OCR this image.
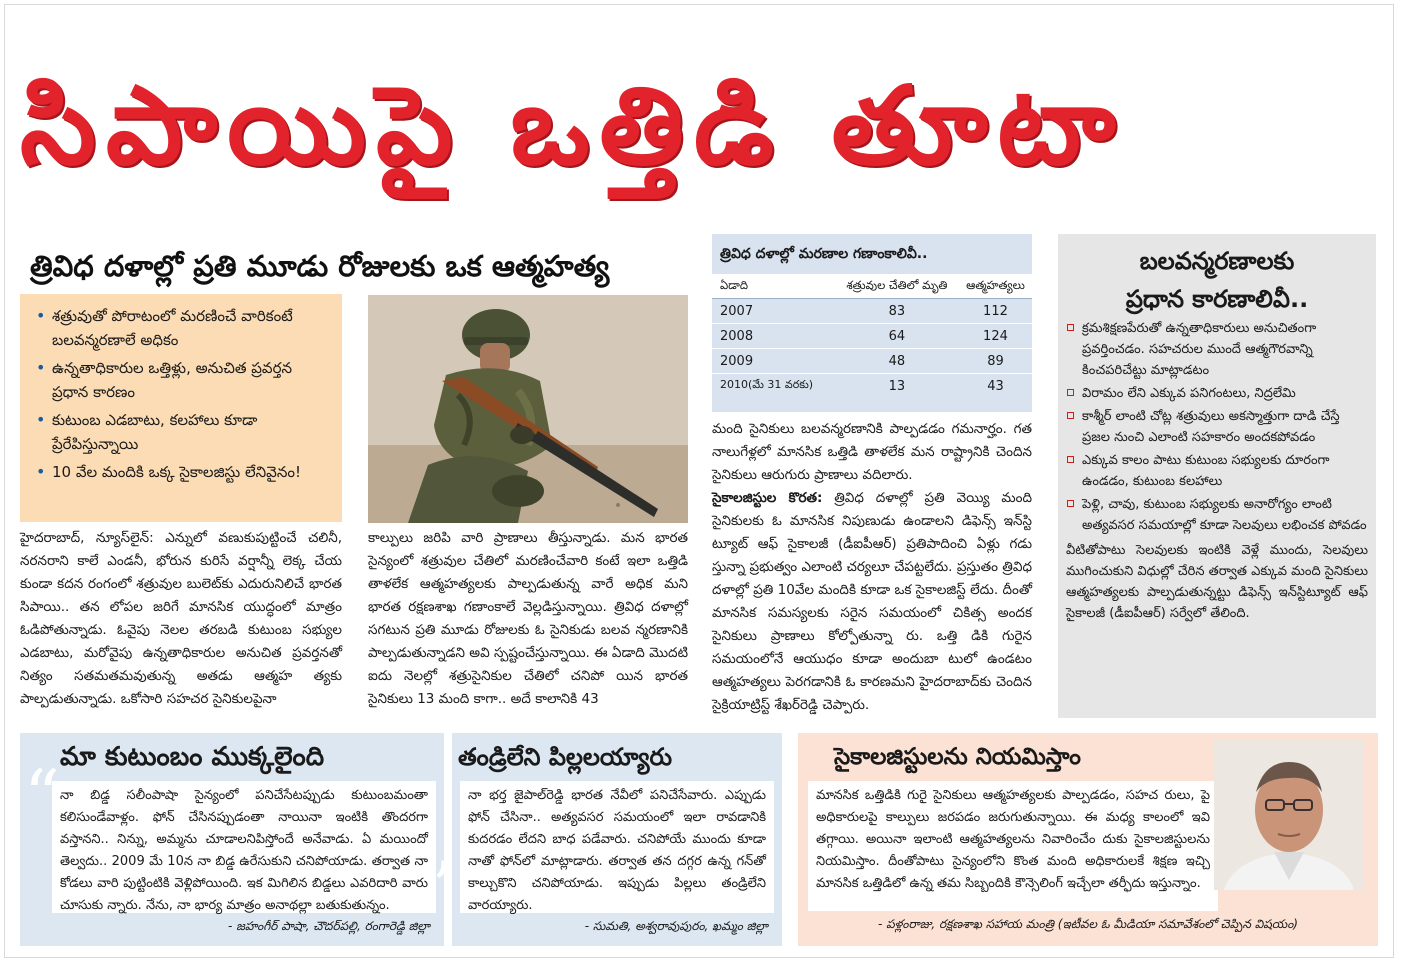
సిపాయిపై ఒత్తిడి తూటా
త్రివిధ దళాల్లో ప్రతి మూడు రోజులకు ఒక ఆత్మహత్య
• శత్రువుతో పోరాటంలో మరణించే వారికంటే బలవన్మరణాలే అధికం
• ఉన్నతాధికారుల ఒత్తిళ్లు, అనుచిత ప్రవర్తన ప్రధాన కారణం
• కుటుంబ ఎడబాటు, కలహాలు కూడా ప్రేరేపిస్తున్నాయి
• 10 వేల మందికి ఒక్క సైకాలజిస్టు లేనివైనం!

హైదరాబాద్, న్యూస్‌లైన్: ఎన్నులో వణుకుపుట్టించే చలినీ, నరనరాని కాలే ఎండనీ, భోరున కురిసే వర్షాన్నీ లెక్క చేయ కుండా కదన రంగంలో శత్రువుల బులెట్‌కు ఎదురునిలిచే భారత సిపాయి.. తన లోపల జరిగే మానసిక యుద్ధంలో మాత్రం ఓడిపోతున్నాడు. ఓవైపు నెలల తరబడి కుటుంబ సభ్యుల ఎడబాటు, మరోవైపు ఉన్నతాధికారుల అనుచిత ప్రవర్తనతో నిత్యం సతమతమవుతున్న అతడు ఆత్మహ త్యకు పాల్పడుతున్నాడు. ఒకోసారి సహచర సైనికులపైనా

కాల్పులు జరిపి వారి ప్రాణాలు తీస్తున్నాడు. మన భారత సైన్యంలో శత్రువుల చేతిలో మరణించేవారి కంటే ఇలా ఒత్తిడి తాళలేక ఆత్మహత్యలకు పాల్పడుతున్న వారే అధిక మని భారత రక్షణశాఖ గణాంకాలే వెల్లడిస్తున్నాయి. త్రివిధ దళాల్లో సగటున ప్రతి మూడు రోజులకు ఓ సైనికుడు బలవ న్మరణానికి పాల్పడుతున్నాడని అవి స్పష్టంచేస్తున్నాయి. ఈ ఏడాది మొదటి ఐదు నెలల్లో శత్రుసైనికుల చేతిలో చనిపో యిన భారత సైనికులు 13 మంది కాగా.. అదే కాలానికి 43

మంది సైనికులు బలవన్మరణానికి పాల్పడడం గమనార్హం. గత నాలుగేళ్లలో మానసిక ఒత్తిడి తాళలేక మన రాష్ట్రానికి చెందిన సైనికులు ఆరుగురు ప్రాణాలు వదిలారు.

సైకాలజిస్టుల కొరత: త్రివిధ దళాల్లో ప్రతి వెయ్యి మంది సైనికులకు ఓ మానసిక నిపుణుడు ఉండాలని డిఫెన్స్ ఇన్‌స్టి ట్యూట్ ఆఫ్ సైకాలజీ (డీఐపీఆర్) ప్రతిపాదించి ఏళ్లు గడు స్తున్నా ప్రభుత్వం ఎలాంటి చర్యలూ చేపట్టలేదు. ప్రస్తుతం త్రివిధ దళాల్లో ప్రతి 10వేల మందికి కూడా ఒక సైకాలజిస్ట్ లేదు. దీంతో మానసిక సమస్యలకు సరైన సమయంలో చికిత్స అందక సైనికులు ప్రాణాలు కోల్పోతున్నా రు. ఒత్తి డికి గురైన సమయంలోనే ఆయుధం కూడా అందుబా టులో ఉండటం ఆత్మహత్యలు పెరగడానికి ఓ కారణమని హైదరాబాద్‌కు చెందిన సైక్రియాట్రిస్ట్ శేఖర్‌రెడ్డి చెప్పారు.

త్రివిధ దళాల్లో మరణాల గణాంకాలివీ..
ఏడాది	శత్రువుల చేతిలో మృతి	ఆత్మహత్యలు
2007	83	112
2008	64	124
2009	48	89
2010(మే 31 వరకు)	13	43
బలవన్మరణాలకు
ప్రధాన కారణాలివీ..
క్రమశిక్షణపేరుతో ఉన్నతాధికారులు అనుచితంగా ప్రవర్తించడం. సహచరుల ముందే ఆత్మగౌరవాన్ని కించపరిచేట్టు మాట్లాడటం
విరామం లేని ఎక్కువ పనిగంటలు, నిద్రలేమి
కాశ్మీర్ లాంటి చోట్ల శత్రువులు అకస్మాత్తుగా దాడి చేస్తే ప్రజల నుంచి ఎలాంటి సహకారం అందకపోవడం
ఎక్కువ కాలం పాటు కుటుంబ సభ్యులకు దూరంగా ఉండడం, కుటుంబ కలహాలు
పెళ్లి, చావు, కుటుంబ సభ్యులకు అనారోగ్యం లాంటి అత్యవసర సమయాల్లో కూడా సెలవులు లభించక పోవడం
వీటితోపాటు సెలవులకు ఇంటికి వెళ్లే ముందు, సెలవులు ముగించుకుని విధుల్లో చేరిన తర్వాత ఎక్కువ మంది సైనికులు ఆత్మహత్యలకు పాల్పడుతున్నట్టు డిఫెన్స్ ఇన్‌స్టిట్యూట్ ఆఫ్ సైకాలజీ (డీఐపీఆర్) సర్వేలో తేలింది.
“ మా కుటుంబం ముక్కలైంది
నా బిడ్డ సలీంపాషా సైన్యంలో పనిచేసేటప్పుడు కుటుంబమంతా కలిసుండేవాళ్లం. ఫోన్ చేసినప్పుడంతా నాయినా ఇంటికి తొందరగా వస్తానని.. నిన్ను, అమ్మను చూడాలనిపిస్తోందే అనేవాడు. ఏ మయిందో తెల్వదు.. 2009 మే 10న నా బిడ్డ ఉరేసుకుని చనిపోయాడు. తర్వాత నా కోడలు వారి పుట్టింటికి వెళ్లిపోయింది. ఇక మిగిలిన బిడ్డలు ఎవరిదారి వారు చూసుకు న్నారు. నేను, నా భార్య మాత్రం అనాథల్లా బతుకుతున్నం.
- జహంగీర్ పాషా, చౌదర్‌పల్లి, రంగారెడ్డి జిల్లా
తండ్రిలేని పిల్లలయ్యారు
నా భర్త జైపాల్‌రెడ్డి భారత నేవీలో పనిచేసేవారు. ఎప్పుడు ఫోన్ చేసినా.. అత్యవసర సమయంలో ఇలా రావడానికి కుదరడం లేదని బాధ పడేవారు. చనిపోయే ముందు కూడా నాతో ఫోన్‌లో మాట్లాడారు. తర్వాత తన దగ్గర ఉన్న గన్‌తో కాల్చుకొని చనిపోయాడు. ఇప్పుడు పిల్లలు తండ్రిలేని వారయ్యారు.
- సుమతి, అశ్వరావుపురం, ఖమ్మం జిల్లా
”
సైకాలజిస్టులను నియమిస్తాం
మానసిక ఒత్తిడికి గురై సైనికులు ఆత్మహత్యలకు పాల్పడడం, సహచ రులు, పై అధికారులపై కాల్పులు జరపడం జరుగుతున్నాయి. ఈ మధ్య కాలంలో ఇవి తగ్గాయి. అయినా ఇలాంటి ఆత్మహత్యలను నివారించేం దుకు సైకాలజిస్టులను నియమిస్తాం. దీంతోపాటు సైన్యంలోని కొంత మంది అధికారులకే శిక్షణ ఇచ్చి మానసిక ఒత్తిడిలో ఉన్న తమ సిబ్బందికి కౌన్సెలింగ్ ఇచ్చేలా తర్ఫీదు ఇస్తున్నాం.
- పళ్లంరాజు, రక్షణశాఖ సహాయ మంత్రి (ఇటీవల ఓ మీడియా సమావేశంలో చెప్పిన విషయం)
